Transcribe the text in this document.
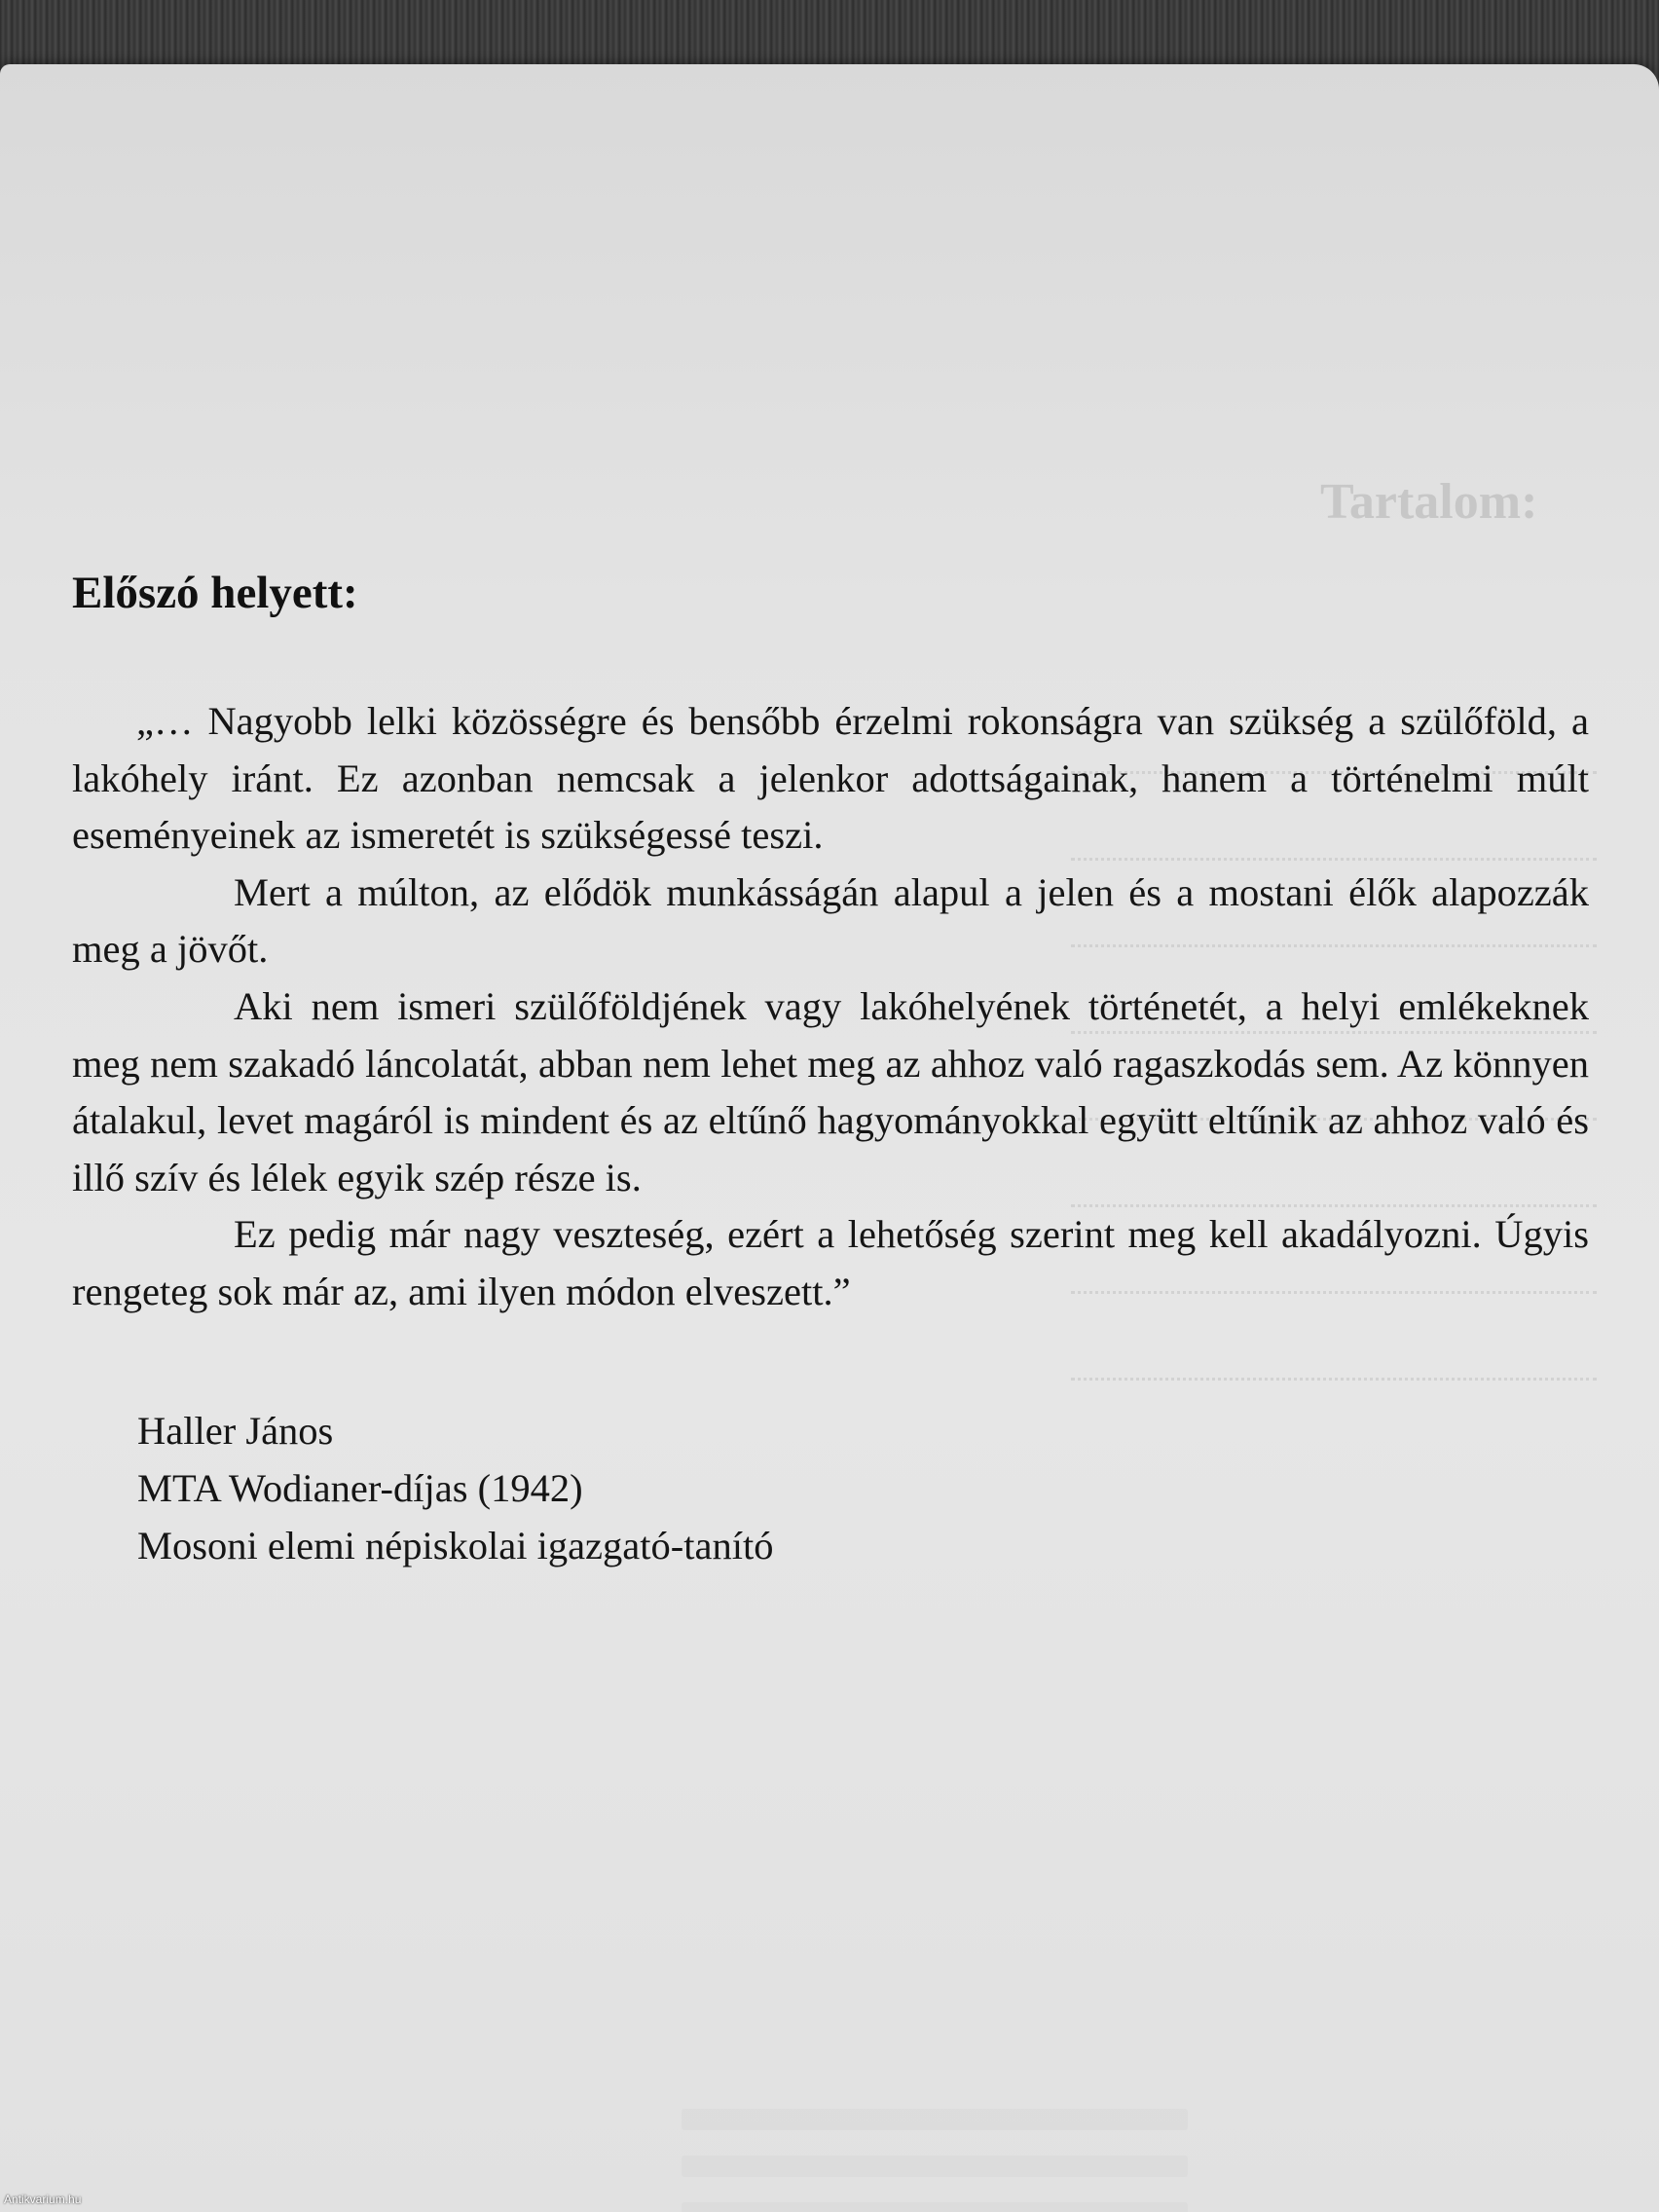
Tartalom:
Előszó helyett:

„… Nagyobb lelki közösségre és bensőbb érzelmi rokonságra van szükség a szülőföld, a lakóhely iránt. Ez azonban nemcsak a jelenkor adottságainak, hanem a történelmi múlt eseményeinek az ismeretét is szükségessé teszi.

Mert a múlton, az elődök munkásságán alapul a jelen és a mostani élők alapozzák meg a jövőt.

Aki nem ismeri szülőföldjének vagy lakóhelyének történetét, a helyi emlékeknek meg nem szakadó láncolatát, abban nem lehet meg az ahhoz való ragaszkodás sem. Az könnyen átalakul, levet magáról is mindent és az eltűnő hagyományokkal együtt eltűnik az ahhoz való és illő szív és lélek egyik szép része is.

Ez pedig már nagy veszteség, ezért a lehetőség szerint meg kell akadályozni. Úgyis rengeteg sok már az, ami ilyen módon elveszett.”

Haller János
MTA Wodianer-díjas (1942)
Mosoni elemi népiskolai igazgató-tanító
Antikvarium.hu
